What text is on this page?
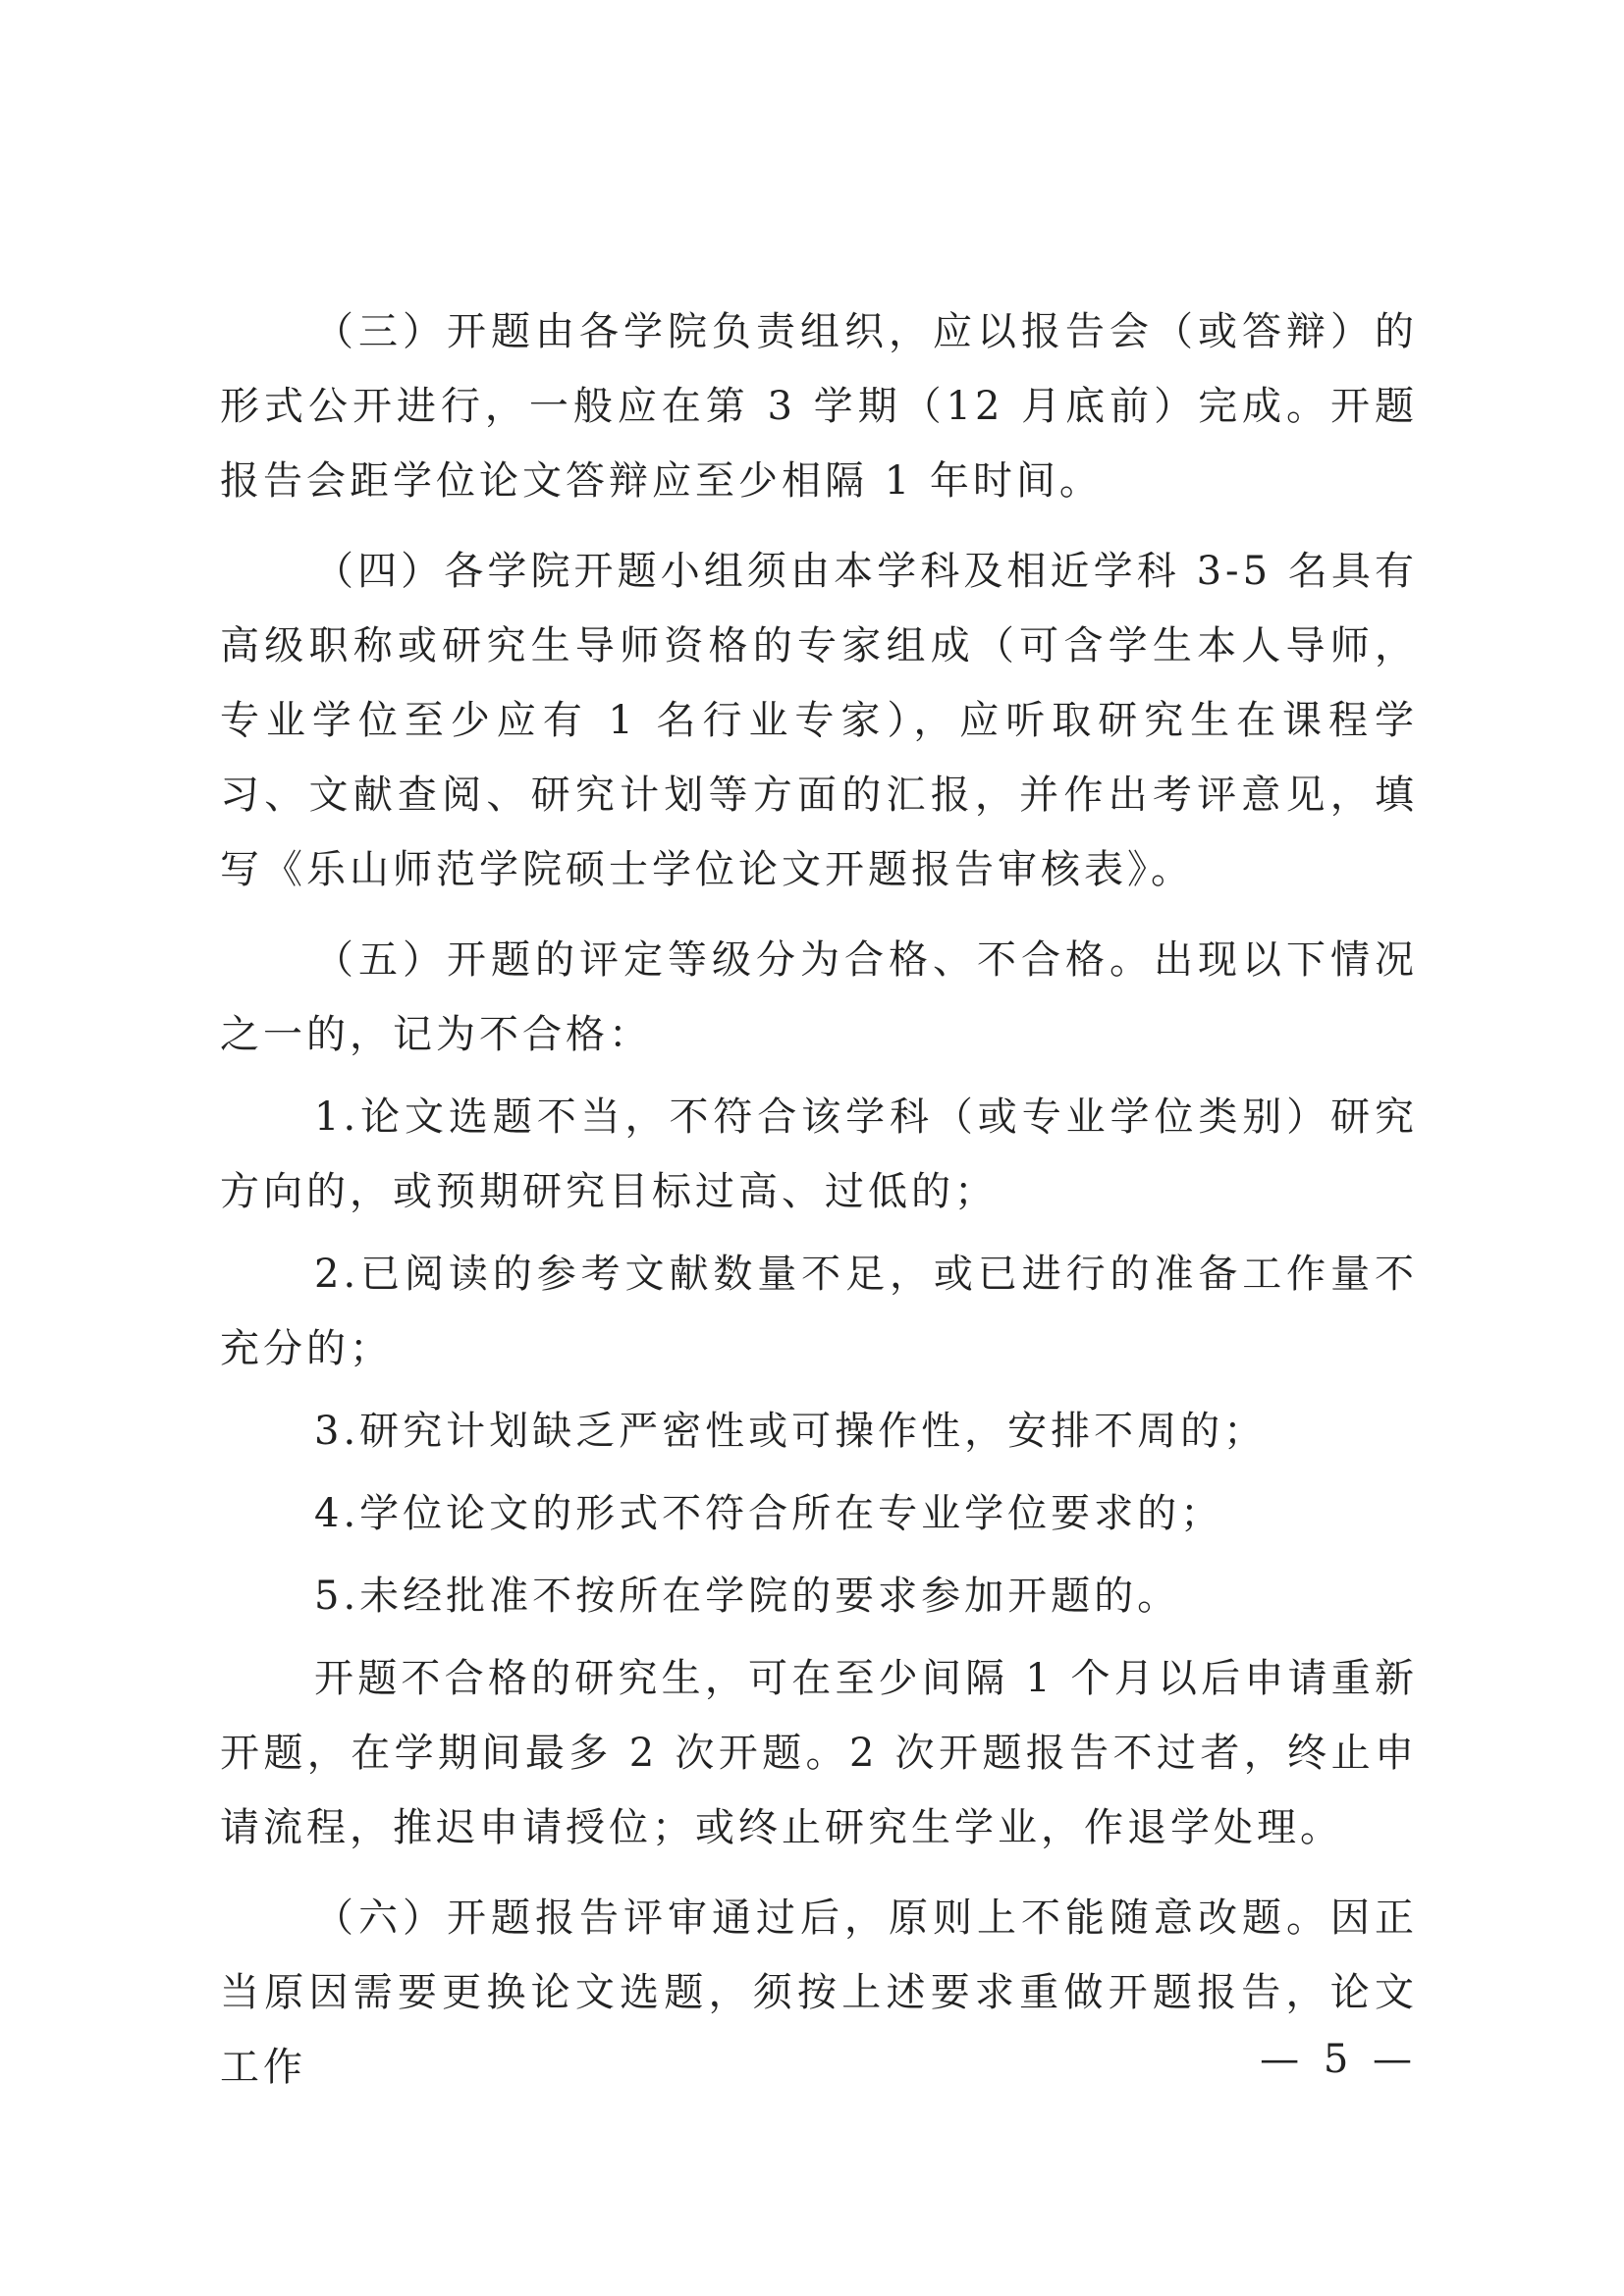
（三）开题由各学院负责组织，应以报告会（或答辩）的形式公开进行，一般应在第 3 学期（12 月底前）完成。开题报告会距学位论文答辩应至少相隔 1 年时间。

（四）各学院开题小组须由本学科及相近学科 3-5 名具有高级职称或研究生导师资格的专家组成（可含学生本人导师，专业学位至少应有 1 名行业专家），应听取研究生在课程学习、文献查阅、研究计划等方面的汇报，并作出考评意见，填写《乐山师范学院硕士学位论文开题报告审核表》。

（五）开题的评定等级分为合格、不合格。出现以下情况之一的，记为不合格：

1.论文选题不当，不符合该学科（或专业学位类别）研究方向的，或预期研究目标过高、过低的；

2.已阅读的参考文献数量不足，或已进行的准备工作量不充分的；

3.研究计划缺乏严密性或可操作性，安排不周的；

4.学位论文的形式不符合所在专业学位要求的；

5.未经批准不按所在学院的要求参加开题的。

开题不合格的研究生，可在至少间隔 1 个月以后申请重新开题，在学期间最多 2 次开题。2 次开题报告不过者，终止申请流程，推迟申请授位；或终止研究生学业，作退学处理。

（六）开题报告评审通过后，原则上不能随意改题。因正当原因需要更换论文选题，须按上述要求重做开题报告，论文工作	— 5 —
